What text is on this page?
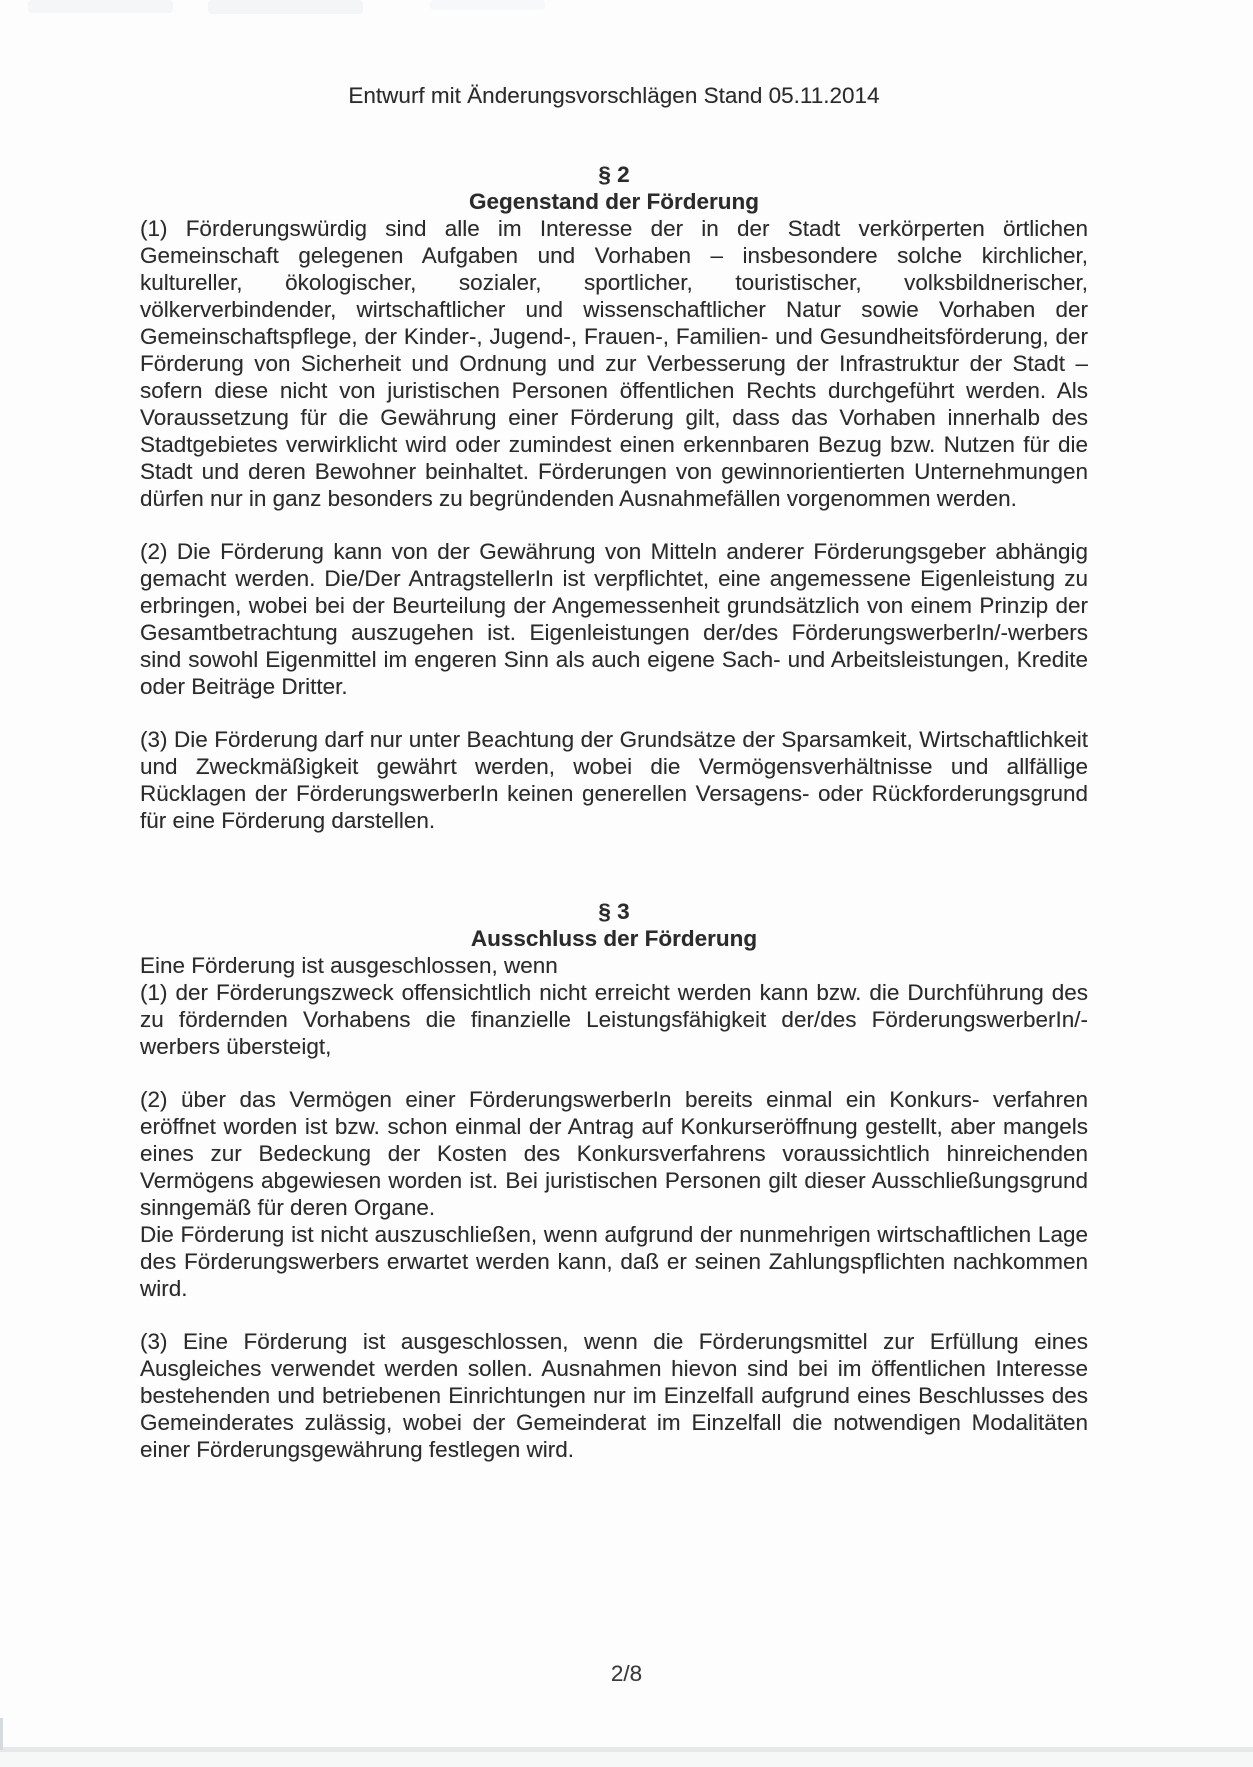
Entwurf mit Änderungsvorschlägen Stand 05.11.2014
§ 2
Gegenstand der Förderung

(1) Förderungswürdig sind alle im Interesse der in der Stadt verkörperten örtlichen Gemeinschaft gelegenen Aufgaben und Vorhaben – insbesondere solche kirchlicher, kultureller, ökologischer, sozialer, sportlicher, touristischer, volksbildnerischer, völkerverbindender, wirtschaftlicher und wissenschaftlicher Natur sowie Vorhaben der Gemeinschaftspflege, der Kinder-, Jugend-, Frauen-, Familien- und Gesundheitsförderung, der Förderung von Sicherheit und Ordnung und zur Verbesserung der Infrastruktur der Stadt – sofern diese nicht von juristischen Personen öffentlichen Rechts durchgeführt werden. Als Voraussetzung für die Gewährung einer Förderung gilt, dass das Vorhaben innerhalb des Stadtgebietes verwirklicht wird oder zumindest einen erkennbaren Bezug bzw. Nutzen für die Stadt und deren Bewohner beinhaltet. Förderungen von gewinnorientierten Unternehmungen dürfen nur in ganz besonders zu begründenden Ausnahmefällen vorgenommen werden.

(2) Die Förderung kann von der Gewährung von Mitteln anderer Förderungsgeber abhängig gemacht werden. Die/Der AntragstellerIn ist verpflichtet, eine angemessene Eigenleistung zu erbringen, wobei bei der Beurteilung der Angemessenheit grundsätzlich von einem Prinzip der Gesamtbetrachtung auszugehen ist. Eigenleistungen der/des FörderungswerberIn/-werbers sind sowohl Eigenmittel im engeren Sinn als auch eigene Sach- und Arbeitsleistungen, Kredite oder Beiträge Dritter.

(3) Die Förderung darf nur unter Beachtung der Grundsätze der Sparsamkeit, Wirtschaftlichkeit und Zweckmäßigkeit gewährt werden, wobei die Vermögensverhältnisse und allfällige Rücklagen der FörderungswerberIn keinen generellen Versagens- oder Rückforderungsgrund für eine Förderung darstellen.

§ 3
Ausschluss der Förderung

Eine Förderung ist ausgeschlossen, wenn

(1) der Förderungszweck offensichtlich nicht erreicht werden kann bzw. die Durchführung des zu fördernden Vorhabens die finanzielle Leistungsfähigkeit der/des FörderungswerberIn/-werbers übersteigt,

(2) über das Vermögen einer FörderungswerberIn bereits einmal ein Konkurs- verfahren eröffnet worden ist bzw. schon einmal der Antrag auf Konkurseröffnung gestellt, aber mangels eines zur Bedeckung der Kosten des Konkursverfahrens voraussichtlich hinreichenden Vermögens abgewiesen worden ist. Bei juristischen Personen gilt dieser Ausschließungsgrund sinngemäß für deren Organe.

Die Förderung ist nicht auszuschließen, wenn aufgrund der nunmehrigen wirtschaftlichen Lage des Förderungswerbers erwartet werden kann, daß er seinen Zahlungspflichten nachkommen wird.

(3) Eine Förderung ist ausgeschlossen, wenn die Förderungsmittel zur Erfüllung eines Ausgleiches verwendet werden sollen. Ausnahmen hievon sind bei im öffentlichen Interesse bestehenden und betriebenen Einrichtungen nur im Einzelfall aufgrund eines Beschlusses des Gemeinderates zulässig, wobei der Gemeinderat im Einzelfall die notwendigen Modalitäten einer Förderungsgewährung festlegen wird.

2/8
